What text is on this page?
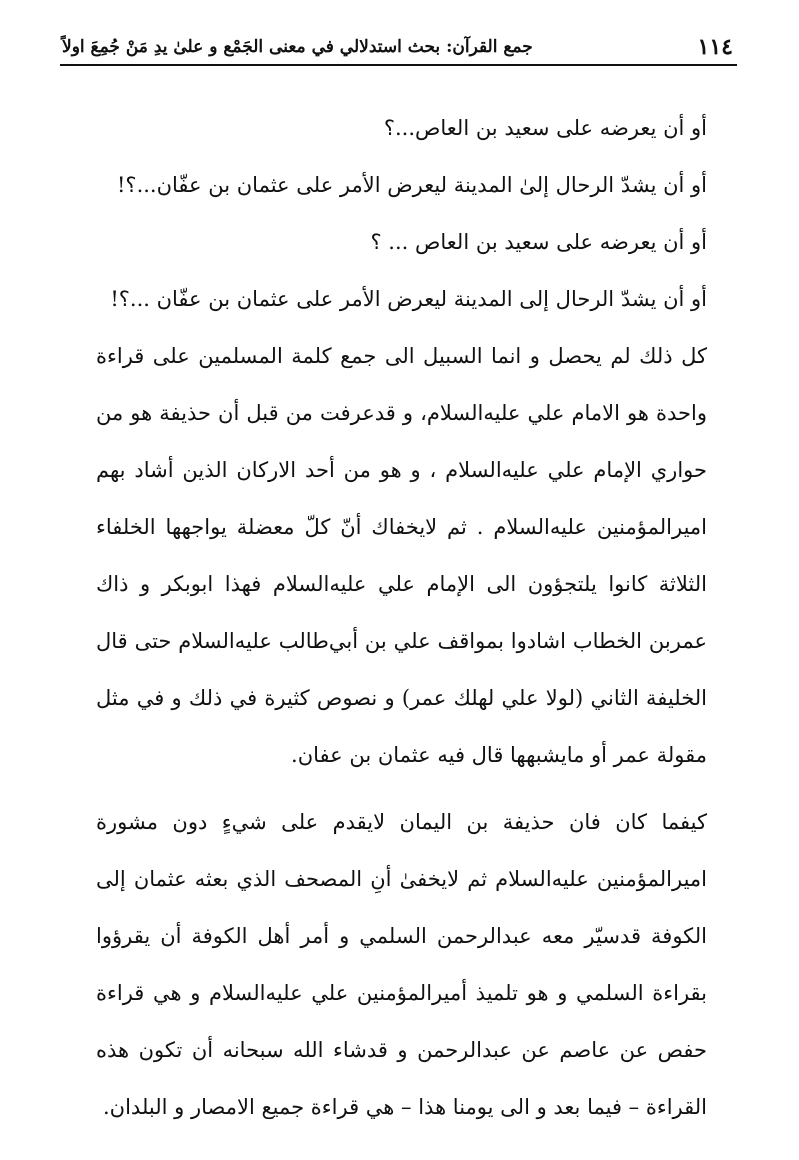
١١٤
جمع القرآن: بحث استدلالي في معنى الجَمْع و علىٰ يدِ مَنْ جُمِعَ اولاً

أو أن يعرضه على سعيد بن العاص...؟

أو أن يشدّ الرحال إلىٰ المدينة ليعرض الأمر على عثمان بن عفّان...؟!

أو أن يعرضه على سعيد بن العاص ... ؟

أو أن يشدّ الرحال إلى المدينة ليعرض الأمر على عثمان بن عفّان ...؟!

كل ذلك لم يحصل و انما السبيل الى جمع كلمة المسلمين على قراءة واحدة هو الامام علي عليه‌السلام، و قدعرفت من قبل أن حذيفة هو من حواري الإمام علي عليه‌السلام ، و هو من أحد الاركان الذين أشاد بهم اميرالمؤمنين عليه‌السلام . ثم لايخفاك أنّ كلّ معضلة يواجهها الخلفاء الثلاثة كانوا يلتجؤون الى الإمام علي عليه‌السلام فهذا ابوبكر و ذاك عمربن الخطاب اشادوا بمواقف علي بن أبي‌طالب عليه‌السلام حتى قال الخليفة الثاني (لولا علي لهلك عمر) و نصوص كثيرة في ذلك و في مثل مقولة عمر أو مايشبهها قال فيه عثمان بن عفان.

كيفما كان فان حذيفة بن اليمان لايقدم على شيءٍ دون مشورة اميرالمؤمنين عليه‌السلام ثم لايخفىٰ أنِ المصحف الذي بعثه عثمان إلى الكوفة قدسيّر معه عبدالرحمن السلمي و أمر أهل الكوفة أن يقرؤوا بقراءة السلمي و هو تلميذ أميرالمؤمنين علي عليه‌السلام و هي قراءة حفص عن عاصم عن عبدالرحمن و قدشاء الله سبحانه أن تكون هذه القراءة – فيما بعد و الى يومنا هذا – هي قراءة جميع الامصار و البلدان.
